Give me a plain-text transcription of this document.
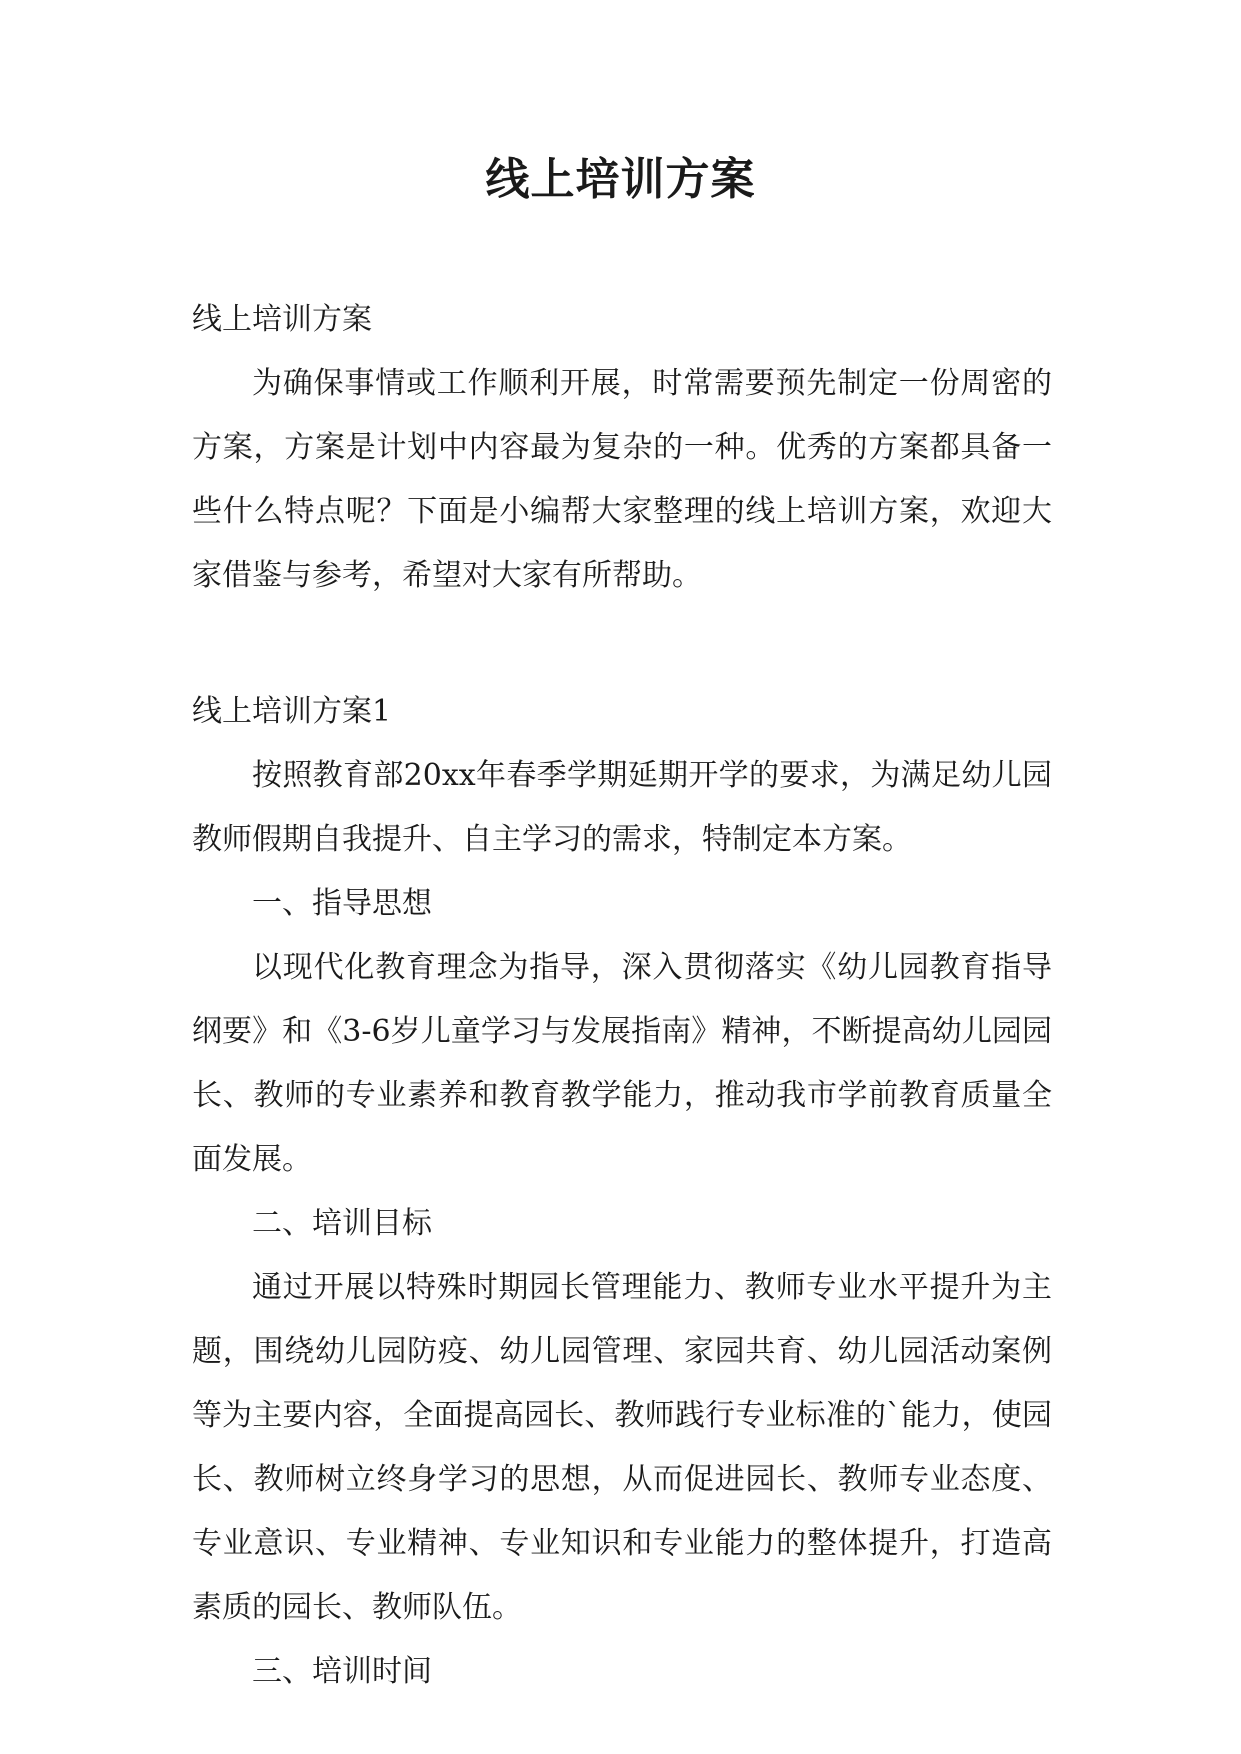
线上培训方案

线上培训方案

为确保事情或工作顺利开展，时常需要预先制定一份周密的方案，方案是计划中内容最为复杂的一种。优秀的方案都具备一些什么特点呢？下面是小编帮大家整理的线上培训方案，欢迎大家借鉴与参考，希望对大家有所帮助。

线上培训方案1

按照教育部20xx年春季学期延期开学的要求，为满足幼儿园教师假期自我提升、自主学习的需求，特制定本方案。

一、指导思想

以现代化教育理念为指导，深入贯彻落实《幼儿园教育指导纲要》和《3-6岁儿童学习与发展指南》精神，不断提高幼儿园园长、教师的专业素养和教育教学能力，推动我市学前教育质量全面发展。

二、培训目标

通过开展以特殊时期园长管理能力、教师专业水平提升为主题，围绕幼儿园防疫、幼儿园管理、家园共育、幼儿园活动案例等为主要内容，全面提高园长、教师践行专业标准的`能力，使园长、教师树立终身学习的思想，从而促进园长、教师专业态度、专业意识、专业精神、专业知识和专业能力的整体提升，打造高素质的园长、教师队伍。

三、培训时间
